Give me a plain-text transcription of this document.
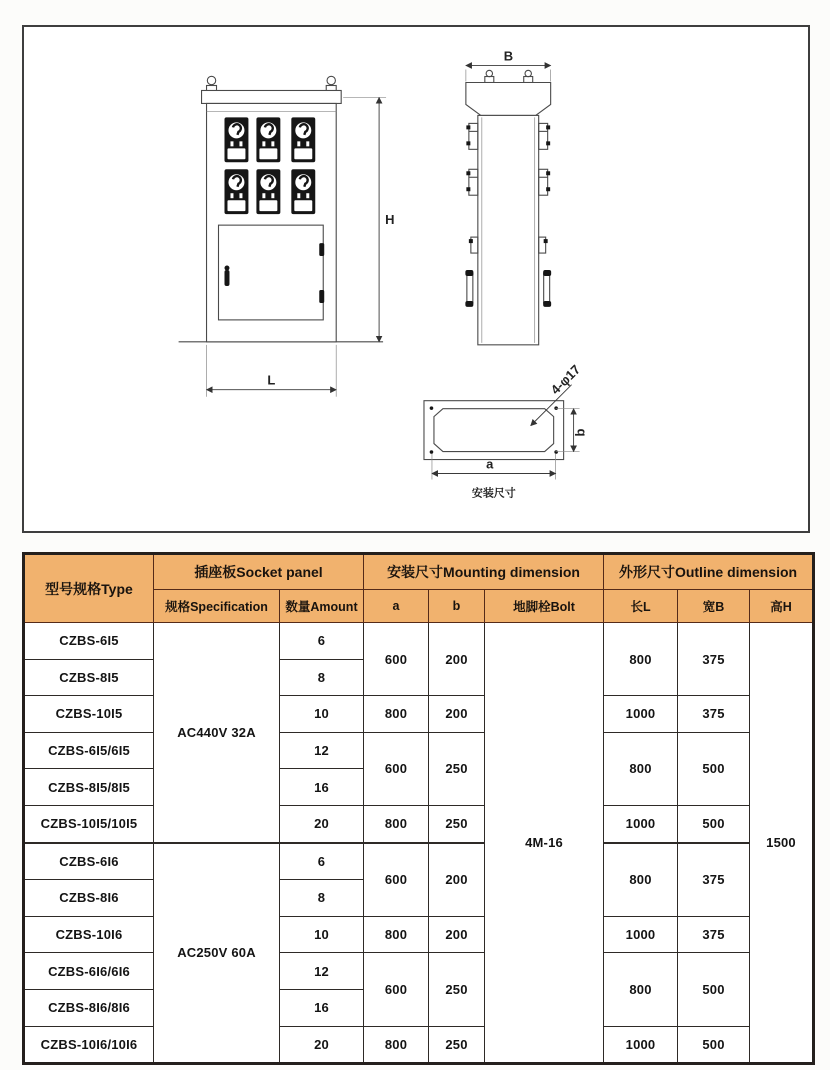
H
L
B
4-φ17
b
a
安装尺寸
型号规格Type	插座板Socket panel		安装尺寸Mounting dimension			外形尺寸Outline dimension		
	规格Specification	数量Amount	a	b	地脚栓Bolt	长L	宽B	高H
CZBS-6I5	AC440V 32A	6	600	200	4M-16	800	375	1500
CZBS-8I5		8						
CZBS-10I5		10	800	200		1000	375	
CZBS-6I5/6I5		12	600	250		800	500	
CZBS-8I5/8I5		16						
CZBS-10I5/10I5		20	800	250		1000	500	
CZBS-6I6	AC250V 60A	6	600	200		800	375	
CZBS-8I6		8						
CZBS-10I6		10	800	200		1000	375	
CZBS-6I6/6I6		12	600	250		800	500	
CZBS-8I6/8I6		16						
CZBS-10I6/10I6		20	800	250		1000	500	
